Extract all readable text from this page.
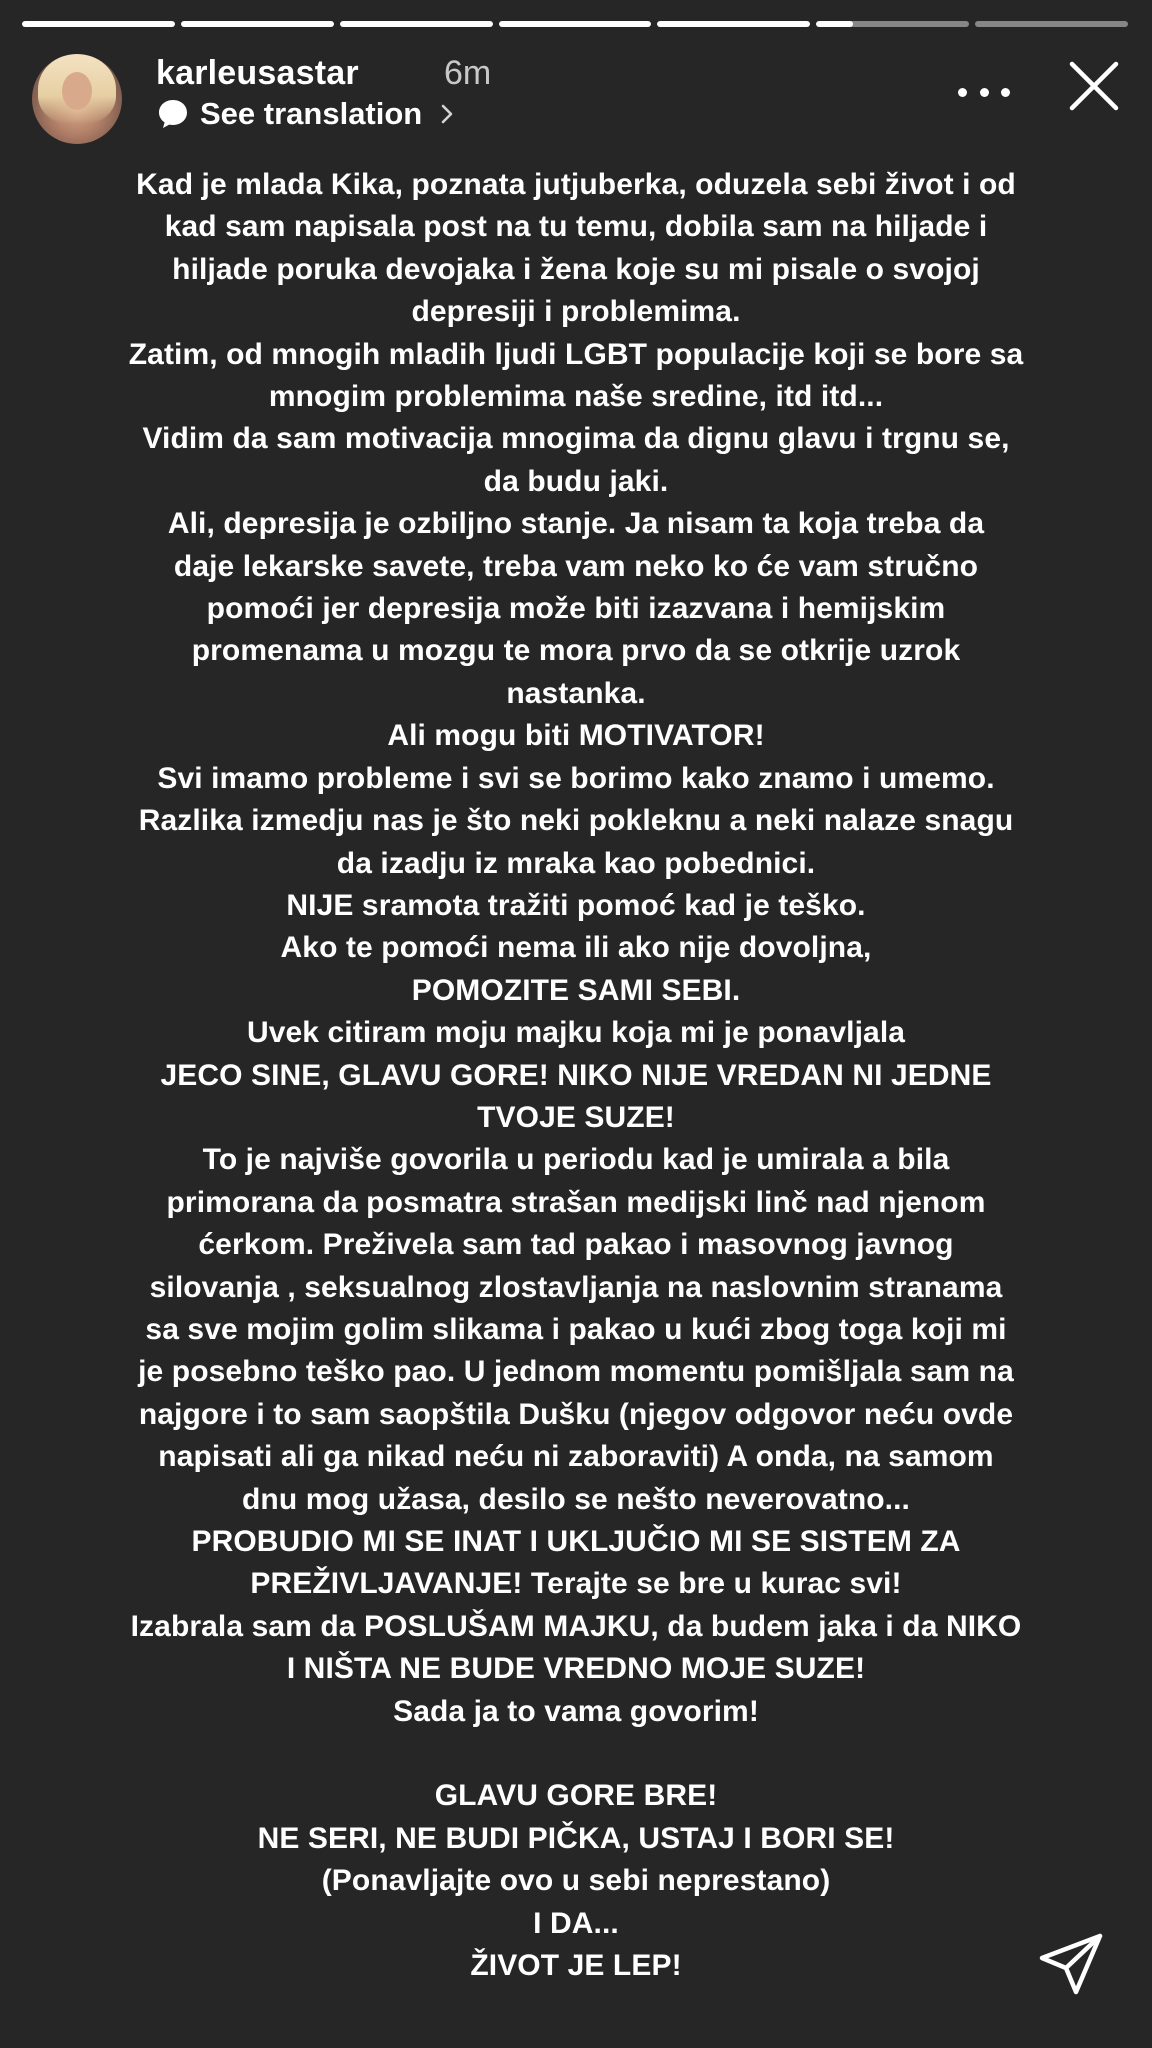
karleusastar	6m
See translation
Kad je mlada Kika, poznata jutjuberka, oduzela sebi život i od
kad sam napisala post na tu temu, dobila sam na hiljade i
hiljade poruka devojaka i žena koje su mi pisale o svojoj
depresiji i problemima.
Zatim, od mnogih mladih ljudi LGBT populacije koji se bore sa
mnogim problemima naše sredine, itd itd...
Vidim da sam motivacija mnogima da dignu glavu i trgnu se,
da budu jaki.
Ali, depresija je ozbiljno stanje. Ja nisam ta koja treba da
daje lekarske savete, treba vam neko ko će vam stručno
pomoći jer depresija može biti izazvana i hemijskim
promenama u mozgu te mora prvo da se otkrije uzrok
nastanka.
Ali mogu biti MOTIVATOR!
Svi imamo probleme i svi se borimo kako znamo i umemo.
Razlika izmedju nas je što neki pokleknu a neki nalaze snagu
da izadju iz mraka kao pobednici.
NIJE sramota tražiti pomoć kad je teško.
Ako te pomoći nema ili ako nije dovoljna,
POMOZITE SAMI SEBI.
Uvek citiram moju majku koja mi je ponavljala
JECO SINE, GLAVU GORE! NIKO NIJE VREDAN NI JEDNE
TVOJE SUZE!
To je najviše govorila u periodu kad je umirala a bila
primorana da posmatra strašan medijski linč nad njenom
ćerkom. Preživela sam tad pakao i masovnog javnog
silovanja , seksualnog zlostavljanja na naslovnim stranama
sa sve mojim golim slikama i pakao u kući zbog toga koji mi
je posebno teško pao. U jednom momentu pomišljala sam na
najgore i to sam saopštila Dušku (njegov odgovor neću ovde
napisati ali ga nikad neću ni zaboraviti) A onda, na samom
dnu mog užasa, desilo se nešto neverovatno...
PROBUDIO MI SE INAT I UKLJUČIO MI SE SISTEM ZA
PREŽIVLJAVANJE! Terajte se bre u kurac svi!
Izabrala sam da POSLUŠAM MAJKU, da budem jaka i da NIKO
I NIŠTA NE BUDE VREDNO MOJE SUZE!
Sada ja to vama govorim!
GLAVU GORE BRE!
NE SERI, NE BUDI PIČKA, USTAJ I BORI SE!
(Ponavljajte ovo u sebi neprestano)
I DA...
ŽIVOT JE LEP!
